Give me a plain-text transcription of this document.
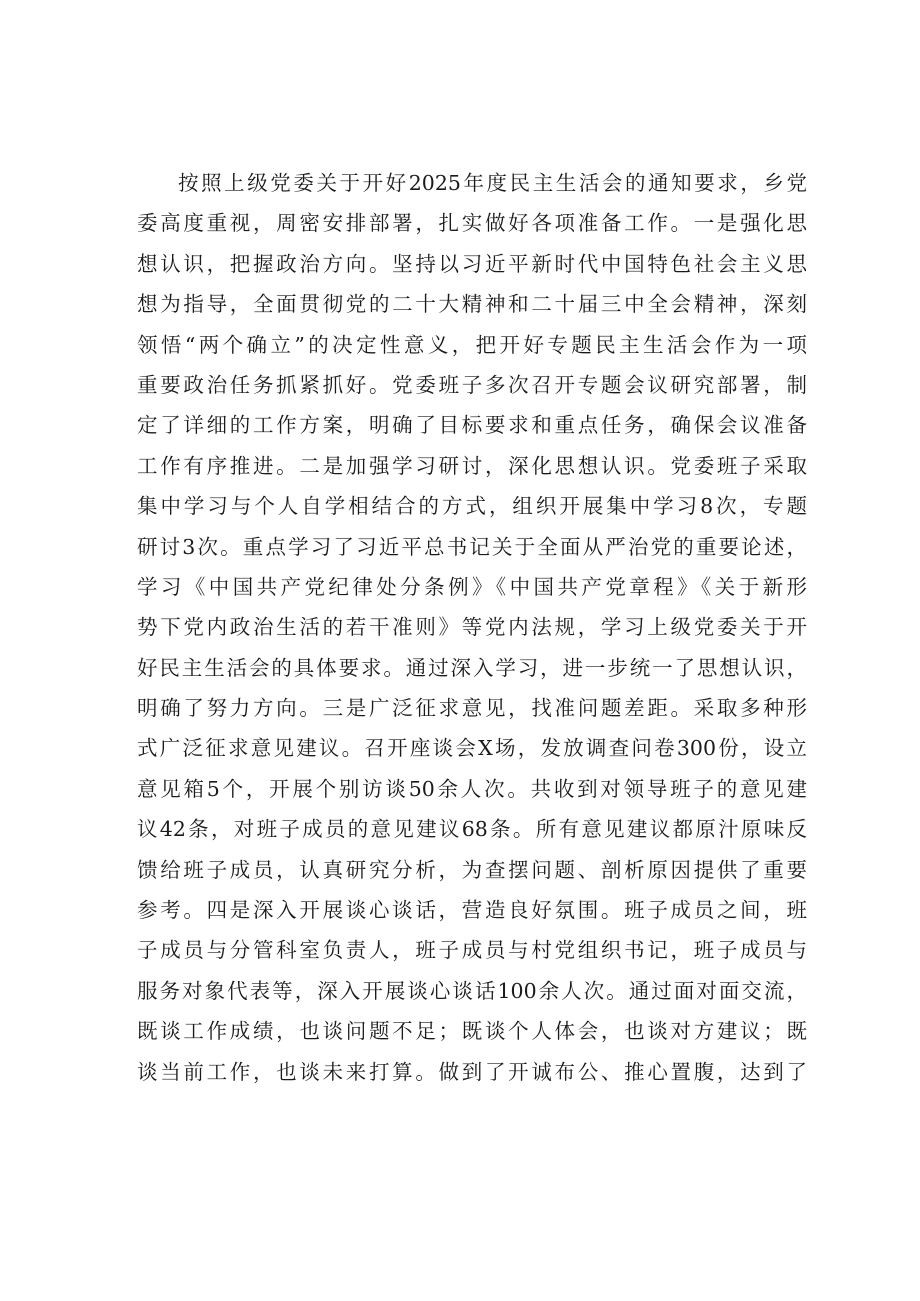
按照上级党委关于开好2025年度民主生活会的通知要求，乡党
委高度重视，周密安排部署，扎实做好各项准备工作。一是强化思
想认识，把握政治方向。坚持以习近平新时代中国特色社会主义思
想为指导，全面贯彻党的二十大精神和二十届三中全会精神，深刻
领悟“两个确立”的决定性意义，把开好专题民主生活会作为一项
重要政治任务抓紧抓好。党委班子多次召开专题会议研究部署，制
定了详细的工作方案，明确了目标要求和重点任务，确保会议准备
工作有序推进。二是加强学习研讨，深化思想认识。党委班子采取
集中学习与个人自学相结合的方式，组织开展集中学习8次，专题
研讨3次。重点学习了习近平总书记关于全面从严治党的重要论述，
学习《中国共产党纪律处分条例》《中国共产党章程》《关于新形
势下党内政治生活的若干准则》等党内法规，学习上级党委关于开
好民主生活会的具体要求。通过深入学习，进一步统一了思想认识，
明确了努力方向。三是广泛征求意见，找准问题差距。采取多种形
式广泛征求意见建议。召开座谈会X场，发放调查问卷300份，设立
意见箱5个，开展个别访谈50余人次。共收到对领导班子的意见建
议42条，对班子成员的意见建议68条。所有意见建议都原汁原味反
馈给班子成员，认真研究分析，为查摆问题、剖析原因提供了重要
参考。四是深入开展谈心谈话，营造良好氛围。班子成员之间，班
子成员与分管科室负责人，班子成员与村党组织书记，班子成员与
服务对象代表等，深入开展谈心谈话100余人次。通过面对面交流，
既谈工作成绩，也谈问题不足；既谈个人体会，也谈对方建议；既
谈当前工作，也谈未来打算。做到了开诚布公、推心置腹，达到了
